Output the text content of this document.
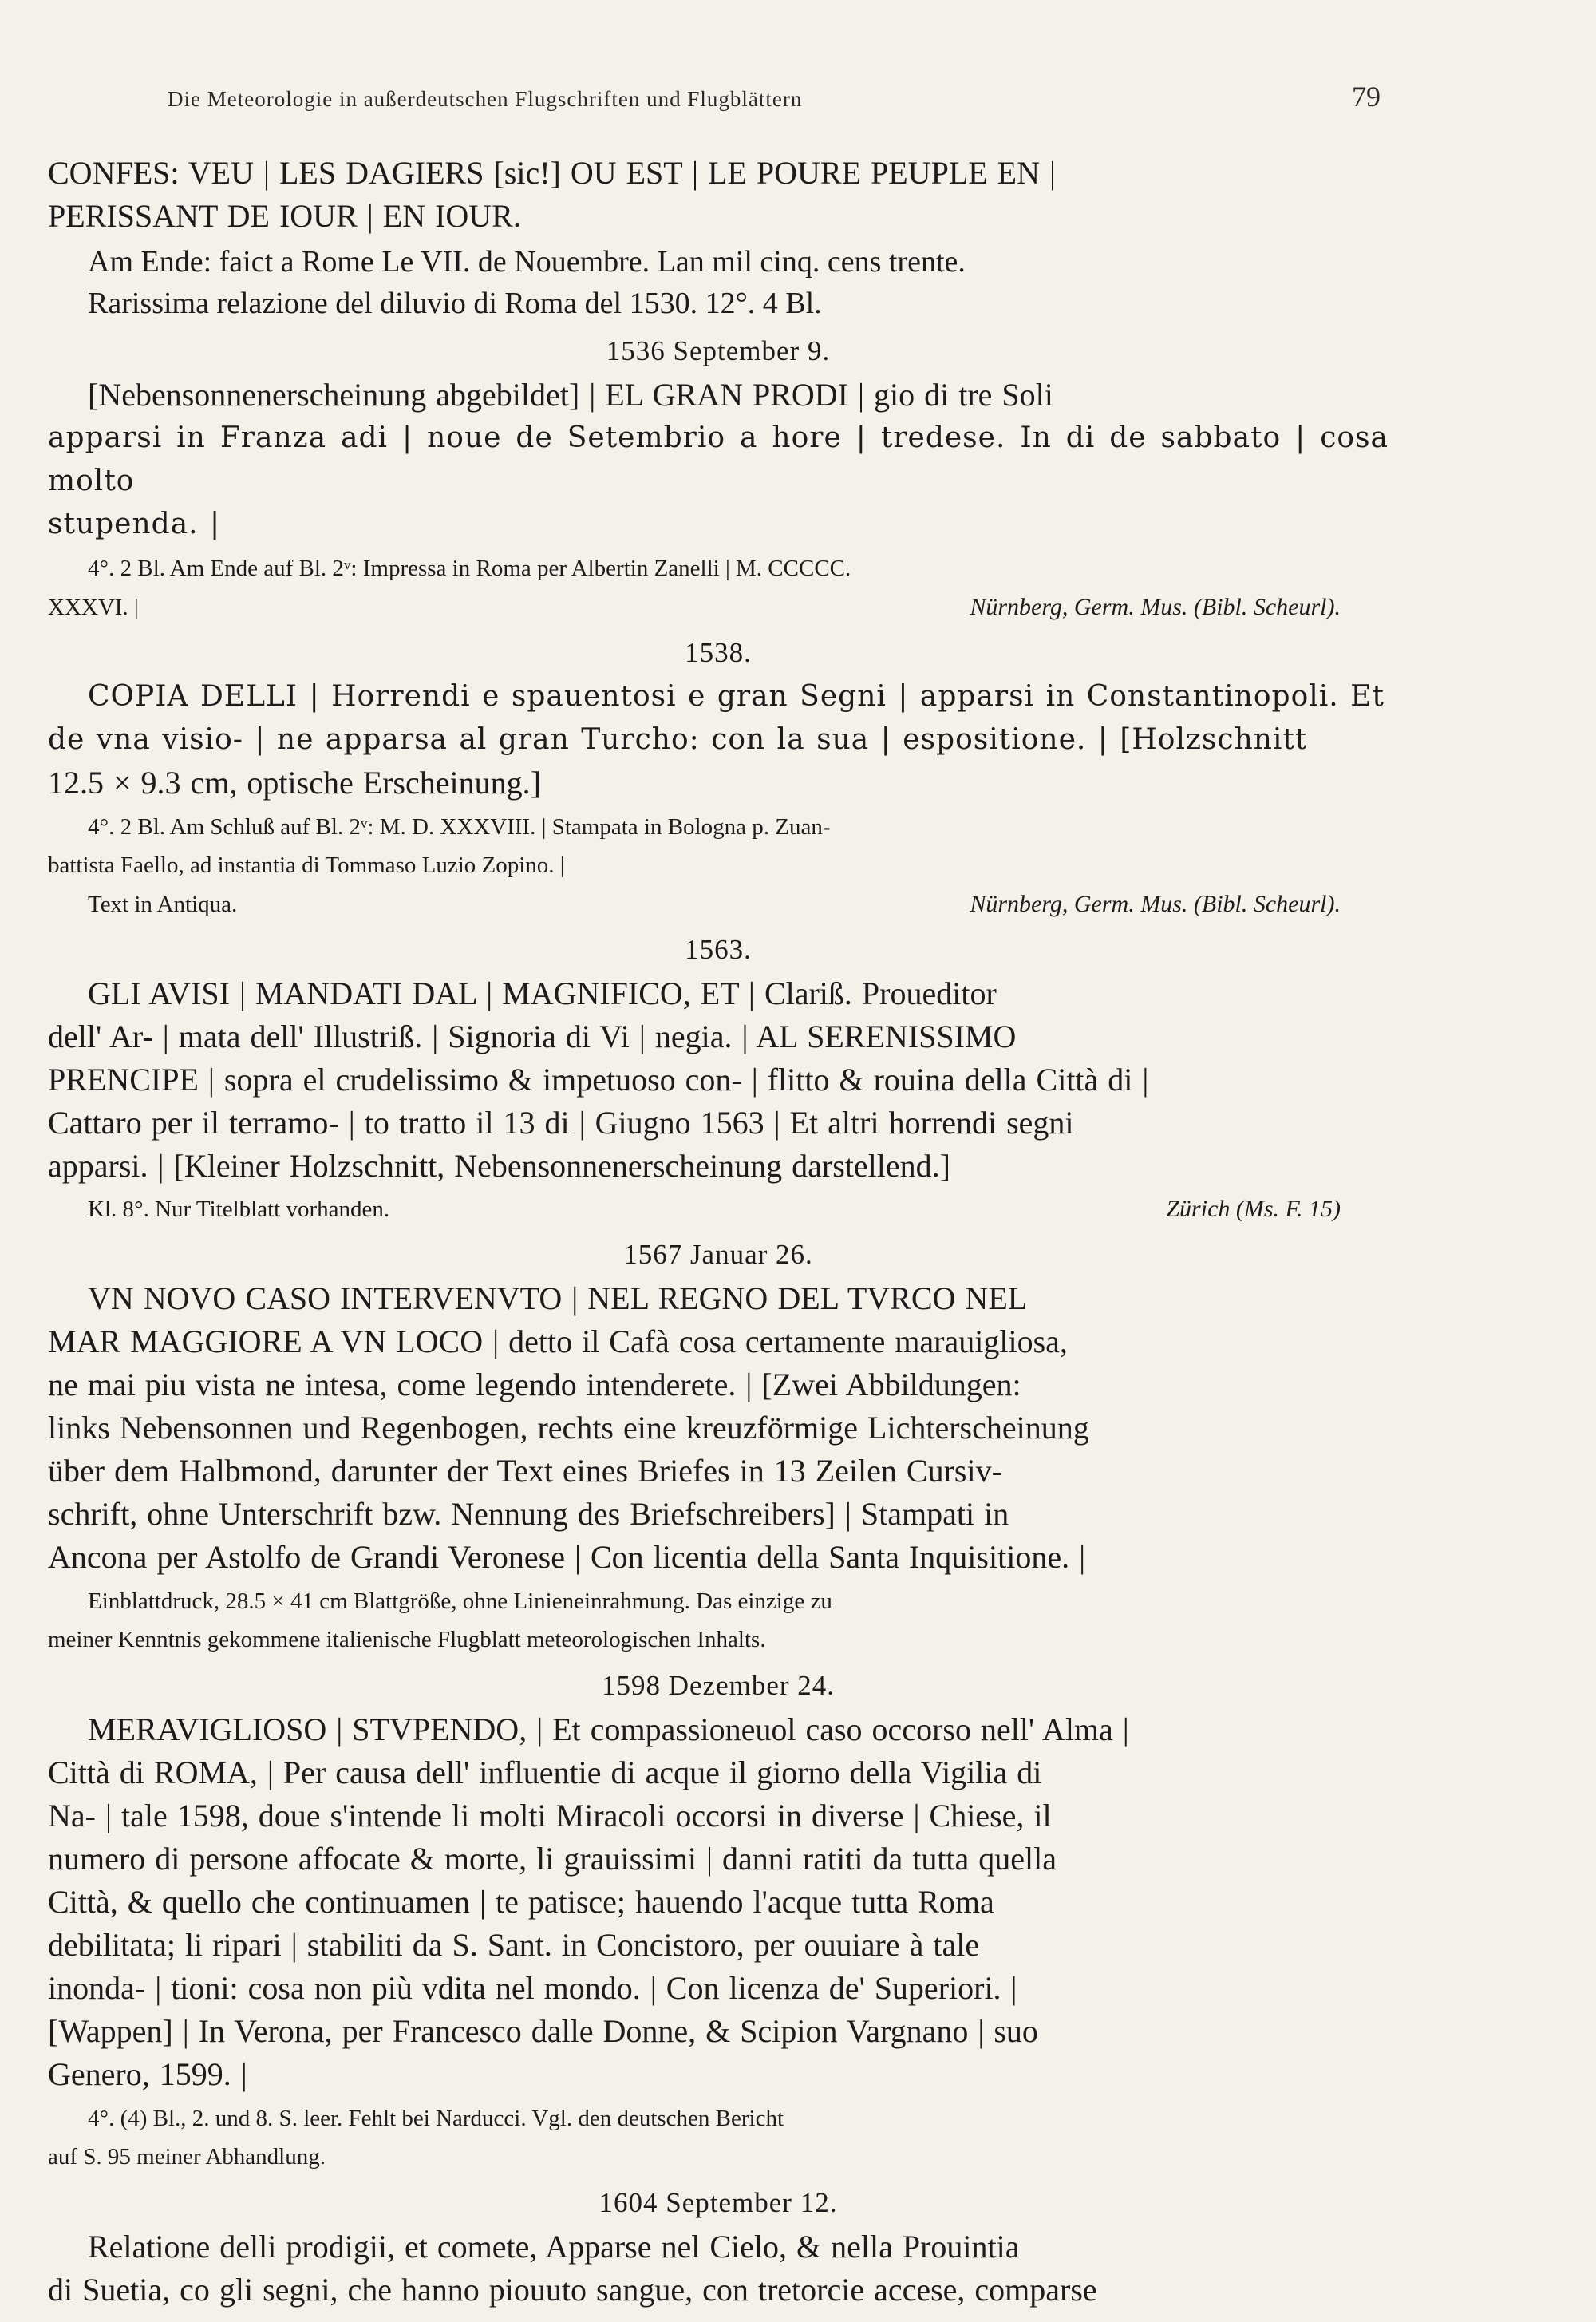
Die Meteorologie in außerdeutschen Flugschriften und Flugblättern	79
CONFES: VEU | LES DAGIERS [sic!] OU EST | LE POURE PEUPLE EN |
PERISSANT DE IOUR | EN IOUR.
Am Ende: faict a Rome Le VII. de Nouembre. Lan mil cinq. cens trente.
Rarissima relazione del diluvio di Roma del 1530. 12°. 4 Bl.
1536 September 9.
[Nebensonnenerscheinung abgebildet] | EL GRAN PRODI | gio di tre Soli
apparsi in Franza adi | noue de Setembrio a hore | tredese. In di de sabbato | cosa molto
stupenda. |
4°. 2 Bl. Am Ende auf Bl. 2ᵛ: Impressa in Roma per Albertin Zanelli | M. CCCCC.
XXXVI. |	Nürnberg, Germ. Mus. (Bibl. Scheurl).
1538.
COPIA DELLI | Horrendi e spauentosi e gran Segni | apparsi in Constantinopoli. Et
de vna visio- | ne apparsa al gran Turcho: con la sua | espositione. | [Holzschnitt
12.5 × 9.3 cm, optische Erscheinung.]
4°. 2 Bl. Am Schluß auf Bl. 2ᵛ: M. D. XXXVIII. | Stampata in Bologna p. Zuan-
battista Faello, ad instantia di Tommaso Luzio Zopino. |
Text in Antiqua.	Nürnberg, Germ. Mus. (Bibl. Scheurl).
1563.
GLI AVISI | MANDATI DAL | MAGNIFICO, ET | Clariß. Proueditor
dell' Ar- | mata dell' Illustriß. | Signoria di Vi | negia. | AL SERENISSIMO
PRENCIPE | sopra el crudelissimo & impetuoso con- | flitto & rouina della Città di |
Cattaro per il terramo- | to tratto il 13 di | Giugno 1563 | Et altri horrendi segni
apparsi. | [Kleiner Holzschnitt, Nebensonnenerscheinung darstellend.]
Kl. 8°. Nur Titelblatt vorhanden.	Zürich (Ms. F. 15)
1567 Januar 26.
VN NOVO CASO INTERVENVTO | NEL REGNO DEL TVRCO NEL
MAR MAGGIORE A VN LOCO | detto il Cafà cosa certamente marauigliosa,
ne mai piu vista ne intesa, come legendo intenderete. | [Zwei Abbildungen:
links Nebensonnen und Regenbogen, rechts eine kreuzförmige Lichterscheinung
über dem Halbmond, darunter der Text eines Briefes in 13 Zeilen Cursiv-
schrift, ohne Unterschrift bzw. Nennung des Briefschreibers] | Stampati in
Ancona per Astolfo de Grandi Veronese | Con licentia della Santa Inquisitione. |
Einblattdruck, 28.5 × 41 cm Blattgröße, ohne Linieneinrahmung. Das einzige zu
meiner Kenntnis gekommene italienische Flugblatt meteorologischen Inhalts.
1598 Dezember 24.
MERAVIGLIOSO | STVPENDO, | Et compassioneuol caso occorso nell' Alma |
Città di ROMA, | Per causa dell' influentie di acque il giorno della Vigilia di
Na- | tale 1598, doue s'intende li molti Miracoli occorsi in diverse | Chiese, il
numero di persone affocate & morte, li grauissimi | danni ratiti da tutta quella
Città, & quello che continuamen | te patisce; hauendo l'acque tutta Roma
debilitata; li ripari | stabiliti da S. Sant. in Concistoro, per ouuiare à tale
inonda- | tioni: cosa non più vdita nel mondo. | Con licenza de' Superiori. |
[Wappen] | In Verona, per Francesco dalle Donne, & Scipion Vargnano | suo
Genero, 1599. |
4°. (4) Bl., 2. und 8. S. leer. Fehlt bei Narducci. Vgl. den deutschen Bericht
auf S. 95 meiner Abhandlung.
1604 September 12.
Relatione delli prodigii, et comete, Apparse nel Cielo, & nella Prouintia
di Suetia, co gli segni, che hanno piouuto sangue, con tretorcie accese, comparse
